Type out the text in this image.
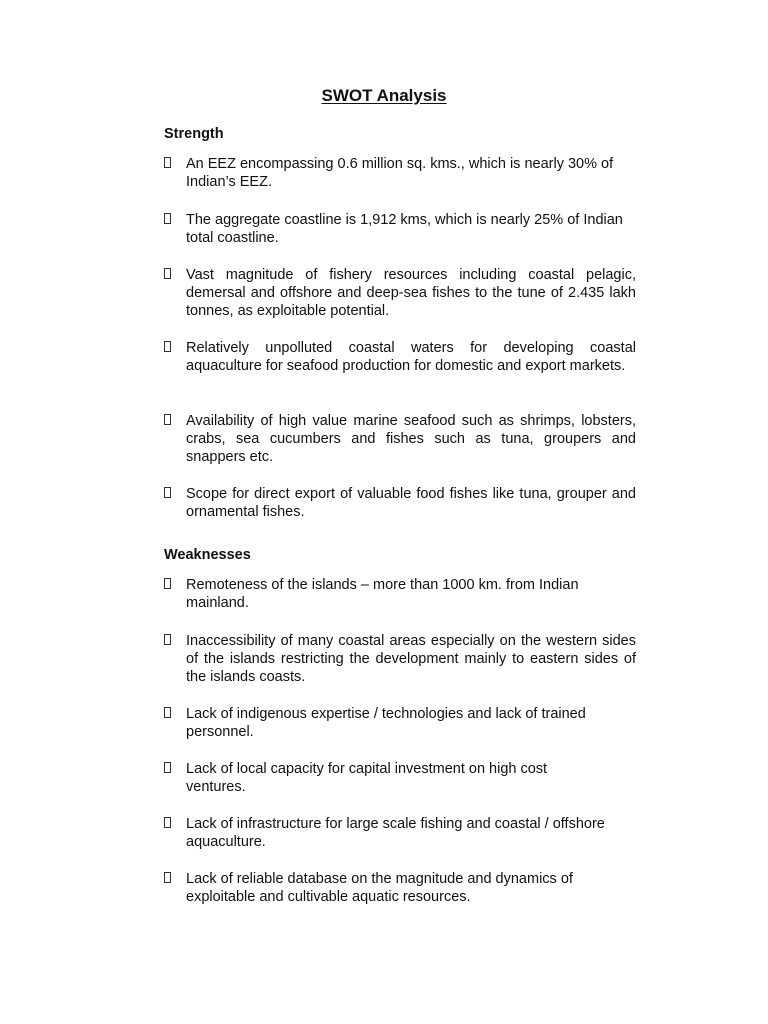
SWOT Analysis
Strength
An EEZ encompassing 0.6 million sq. kms., which is nearly 30% of Indian’s EEZ.
The aggregate coastline is 1,912 kms, which is nearly 25% of Indian total coastline.
Vast magnitude of fishery resources including coastal pelagic, demersal and offshore and deep-sea fishes to the tune of 2.435 lakh tonnes, as exploitable potential.
Relatively unpolluted coastal waters for developing coastal aquaculture for seafood production for domestic and export markets.
Availability of high value marine seafood such as shrimps, lobsters, crabs, sea cucumbers and fishes such as tuna, groupers and snappers etc.
Scope for direct export of valuable food fishes like tuna, grouper and ornamental fishes.
Weaknesses
Remoteness of the islands – more than 1000 km. from Indian mainland.
Inaccessibility of many coastal areas especially on the western sides of the islands restricting the development mainly to eastern sides of the islands coasts.
Lack of indigenous expertise / technologies and lack of trained personnel.
Lack of local capacity for capital investment on high cost ventures.
Lack of infrastructure for large scale fishing and coastal / offshore aquaculture.
Lack of reliable database on the magnitude and dynamics of exploitable and cultivable aquatic resources.
